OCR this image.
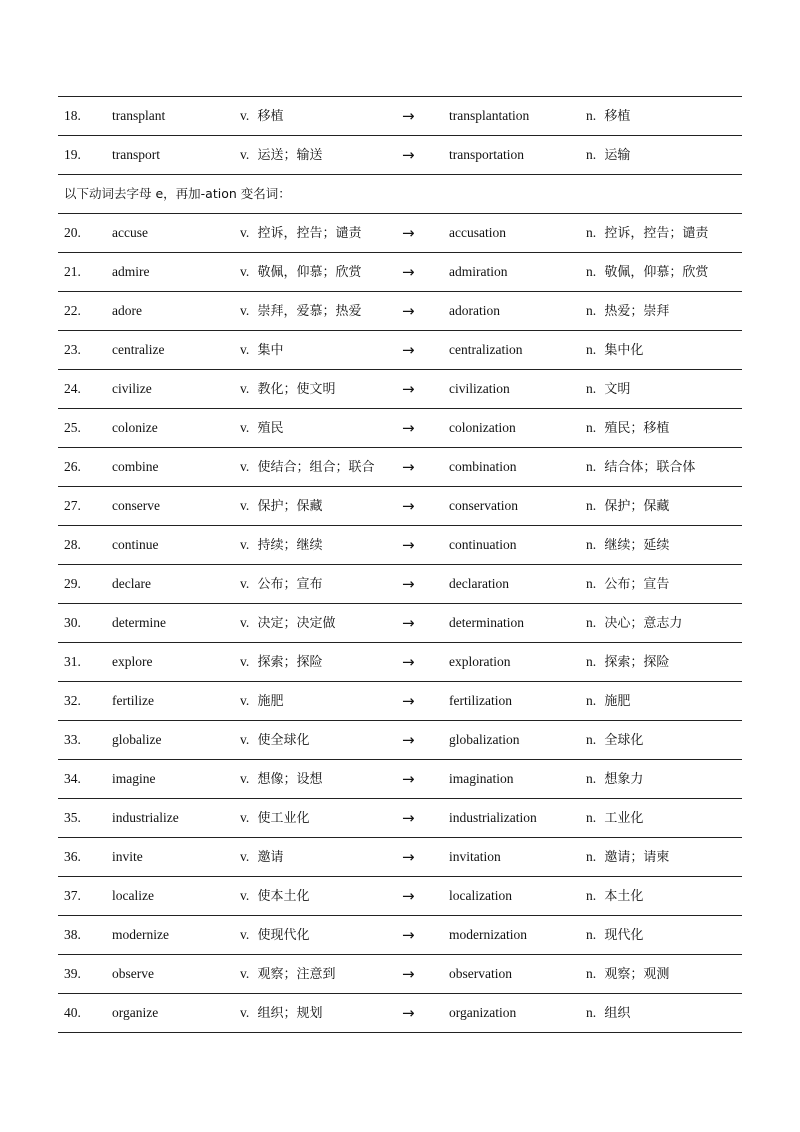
18. transplant	v. 移植	→	transplantation	n. 移植
19. transport	v. 运送；输送	→	transportation	n. 运输
以下动词去字母 e，再加-ation 变名词：
20. accuse	v. 控诉，控告；谴责	→	accusation	n. 控诉，控告；谴责
21. admire	v. 敬佩，仰慕；欣赏	→	admiration	n. 敬佩，仰慕；欣赏
22. adore	v. 崇拜，爱慕；热爱	→	adoration	n. 热爱；崇拜
23. centralize	v. 集中	→	centralization	n. 集中化
24. civilize	v. 教化；使文明	→	civilization	n. 文明
25. colonize	v. 殖民	→	colonization	n. 殖民；移植
26. combine	v. 使结合；组合；联合 →	combination	n. 结合体；联合体
27. conserve	v. 保护；保藏	→	conservation	n. 保护；保藏
28. continue	v. 持续；继续	→	continuation	n. 继续；延续
29. declare	v. 公布；宣布	→	declaration	n. 公布；宣告
30. determine	v. 决定；决定做	→	determination	n. 决心；意志力
31. explore	v. 探索；探险	→	exploration	n. 探索；探险
32. fertilize	v. 施肥	→	fertilization	n. 施肥
33. globalize	v. 使全球化	→	globalization	n. 全球化
34. imagine	v. 想像；设想	→	imagination	n. 想象力
35. industrialize	v. 使工业化	→	industrialization	n. 工业化
36. invite	v. 邀请	→	invitation	n. 邀请；请柬
37. localize	v. 使本土化	→	localization	n. 本土化
38. modernize	v. 使现代化	→	modernization	n. 现代化
39. observe	v. 观察；注意到	→	observation	n. 观察；观测
40. organize	v. 组织；规划	→	organization	n. 组织
